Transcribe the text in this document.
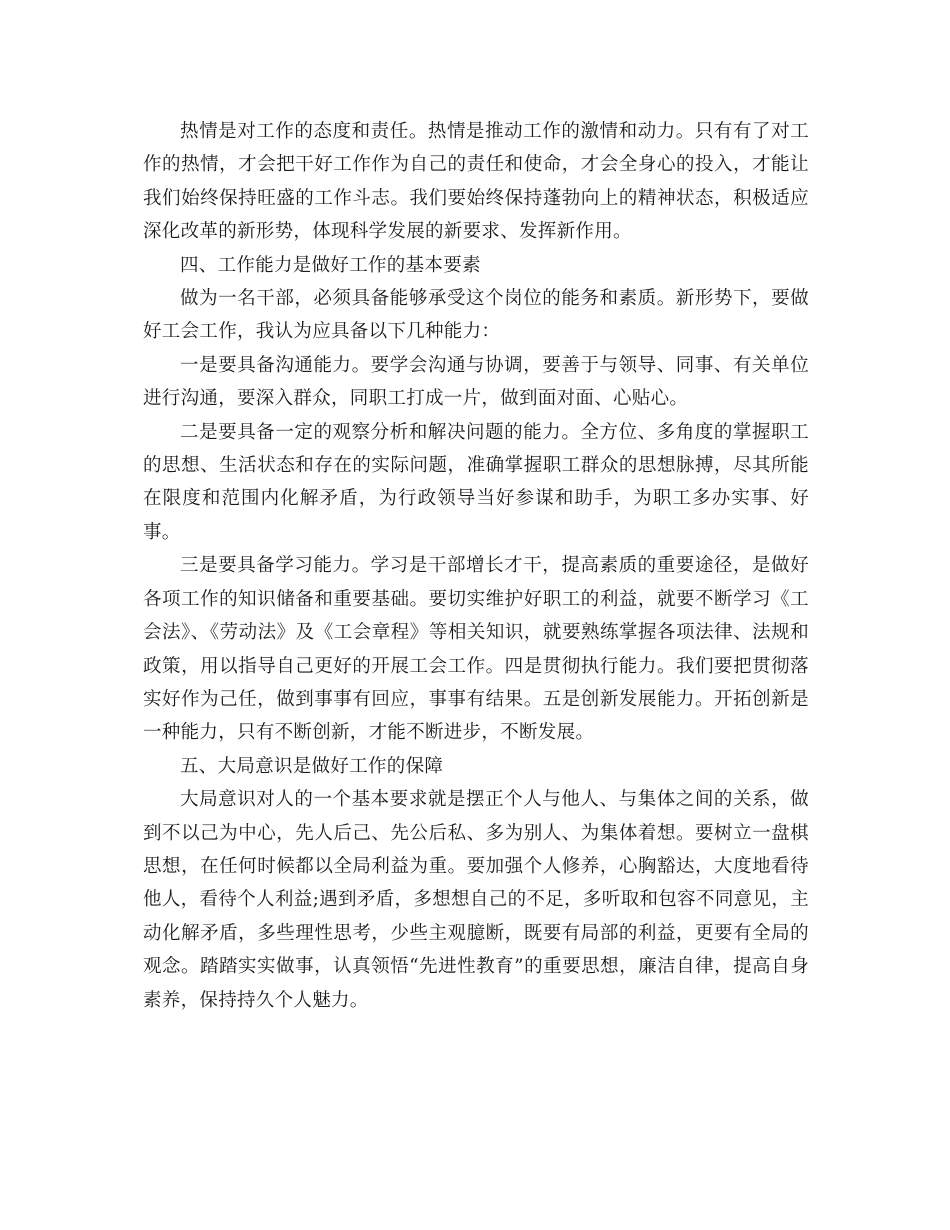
热情是对工作的态度和责任。热情是推动工作的激情和动力。只有有了对工作的热情，才会把干好工作作为自己的责任和使命，才会全身心的投入，才能让我们始终保持旺盛的工作斗志。我们要始终保持蓬勃向上的精神状态，积极适应深化改革的新形势，体现科学发展的新要求、发挥新作用。

四、工作能力是做好工作的基本要素

做为一名干部，必须具备能够承受这个岗位的能务和素质。新形势下，要做好工会工作，我认为应具备以下几种能力：

一是要具备沟通能力。要学会沟通与协调，要善于与领导、同事、有关单位进行沟通，要深入群众，同职工打成一片，做到面对面、心贴心。

二是要具备一定的观察分析和解决问题的能力。全方位、多角度的掌握职工的思想、生活状态和存在的实际问题，准确掌握职工群众的思想脉搏，尽其所能在限度和范围内化解矛盾，为行政领导当好参谋和助手，为职工多办实事、好事。

三是要具备学习能力。学习是干部增长才干，提高素质的重要途径，是做好各项工作的知识储备和重要基础。要切实维护好职工的利益，就要不断学习《工会法》、《劳动法》及《工会章程》等相关知识，就要熟练掌握各项法律、法规和政策，用以指导自己更好的开展工会工作。四是贯彻执行能力。我们要把贯彻落实好作为己任，做到事事有回应，事事有结果。五是创新发展能力。开拓创新是一种能力，只有不断创新，才能不断进步，不断发展。

五、大局意识是做好工作的保障

大局意识对人的一个基本要求就是摆正个人与他人、与集体之间的关系，做到不以己为中心，先人后己、先公后私、多为别人、为集体着想。要树立一盘棋思想，在任何时候都以全局利益为重。要加强个人修养，心胸豁达，大度地看待他人，看待个人利益;遇到矛盾，多想想自己的不足，多听取和包容不同意见，主动化解矛盾，多些理性思考，少些主观臆断，既要有局部的利益，更要有全局的观念。踏踏实实做事，认真领悟“先进性教育”的重要思想，廉洁自律，提高自身素养，保持持久个人魅力。
